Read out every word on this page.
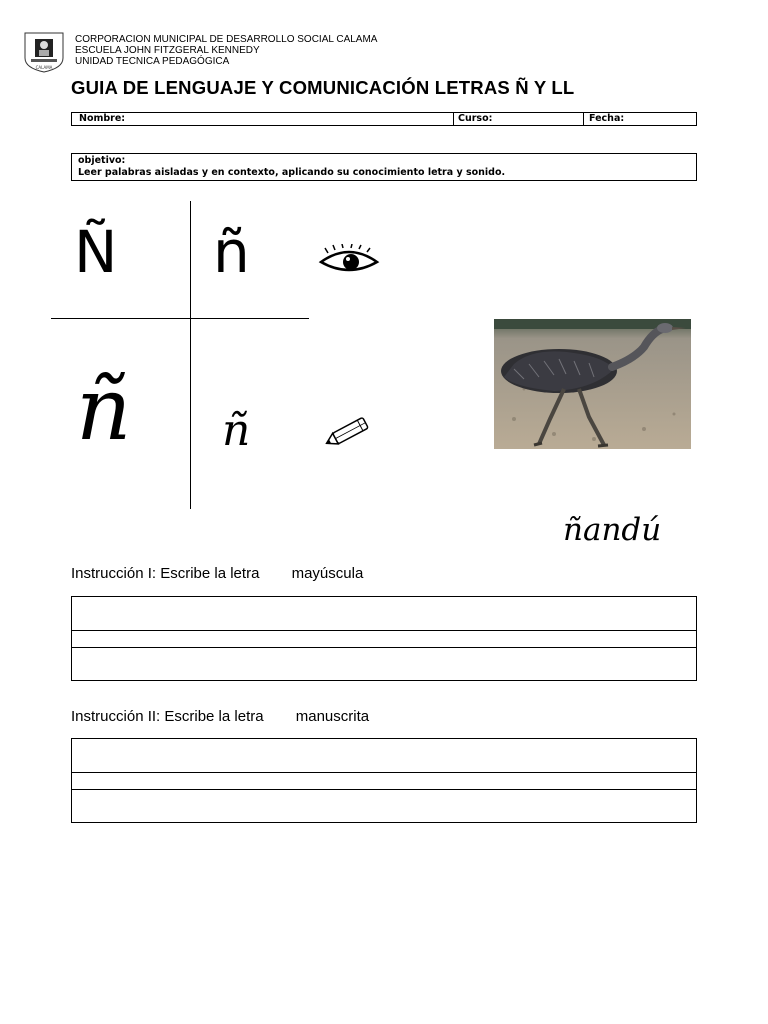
CALAMA
CORPORACION MUNICIPAL DE DESARROLLO SOCIAL CALAMA
ESCUELA JOHN FITZGERAL KENNEDY
UNIDAD TECNICA PEDAGÓGICA
GUIA DE LENGUAJE Y COMUNICACIÓN LETRAS Ñ Y LL
Nombre:	Curso:	Fecha:
objetivo:
Leer palabras aisladas y en contexto, aplicando su conocimiento letra y sonido.
Ñ ñ
ñ ñ
ñandú
Instrucción I: Escribe la letra mayúscula
Instrucción II: Escribe la letra manuscrita
